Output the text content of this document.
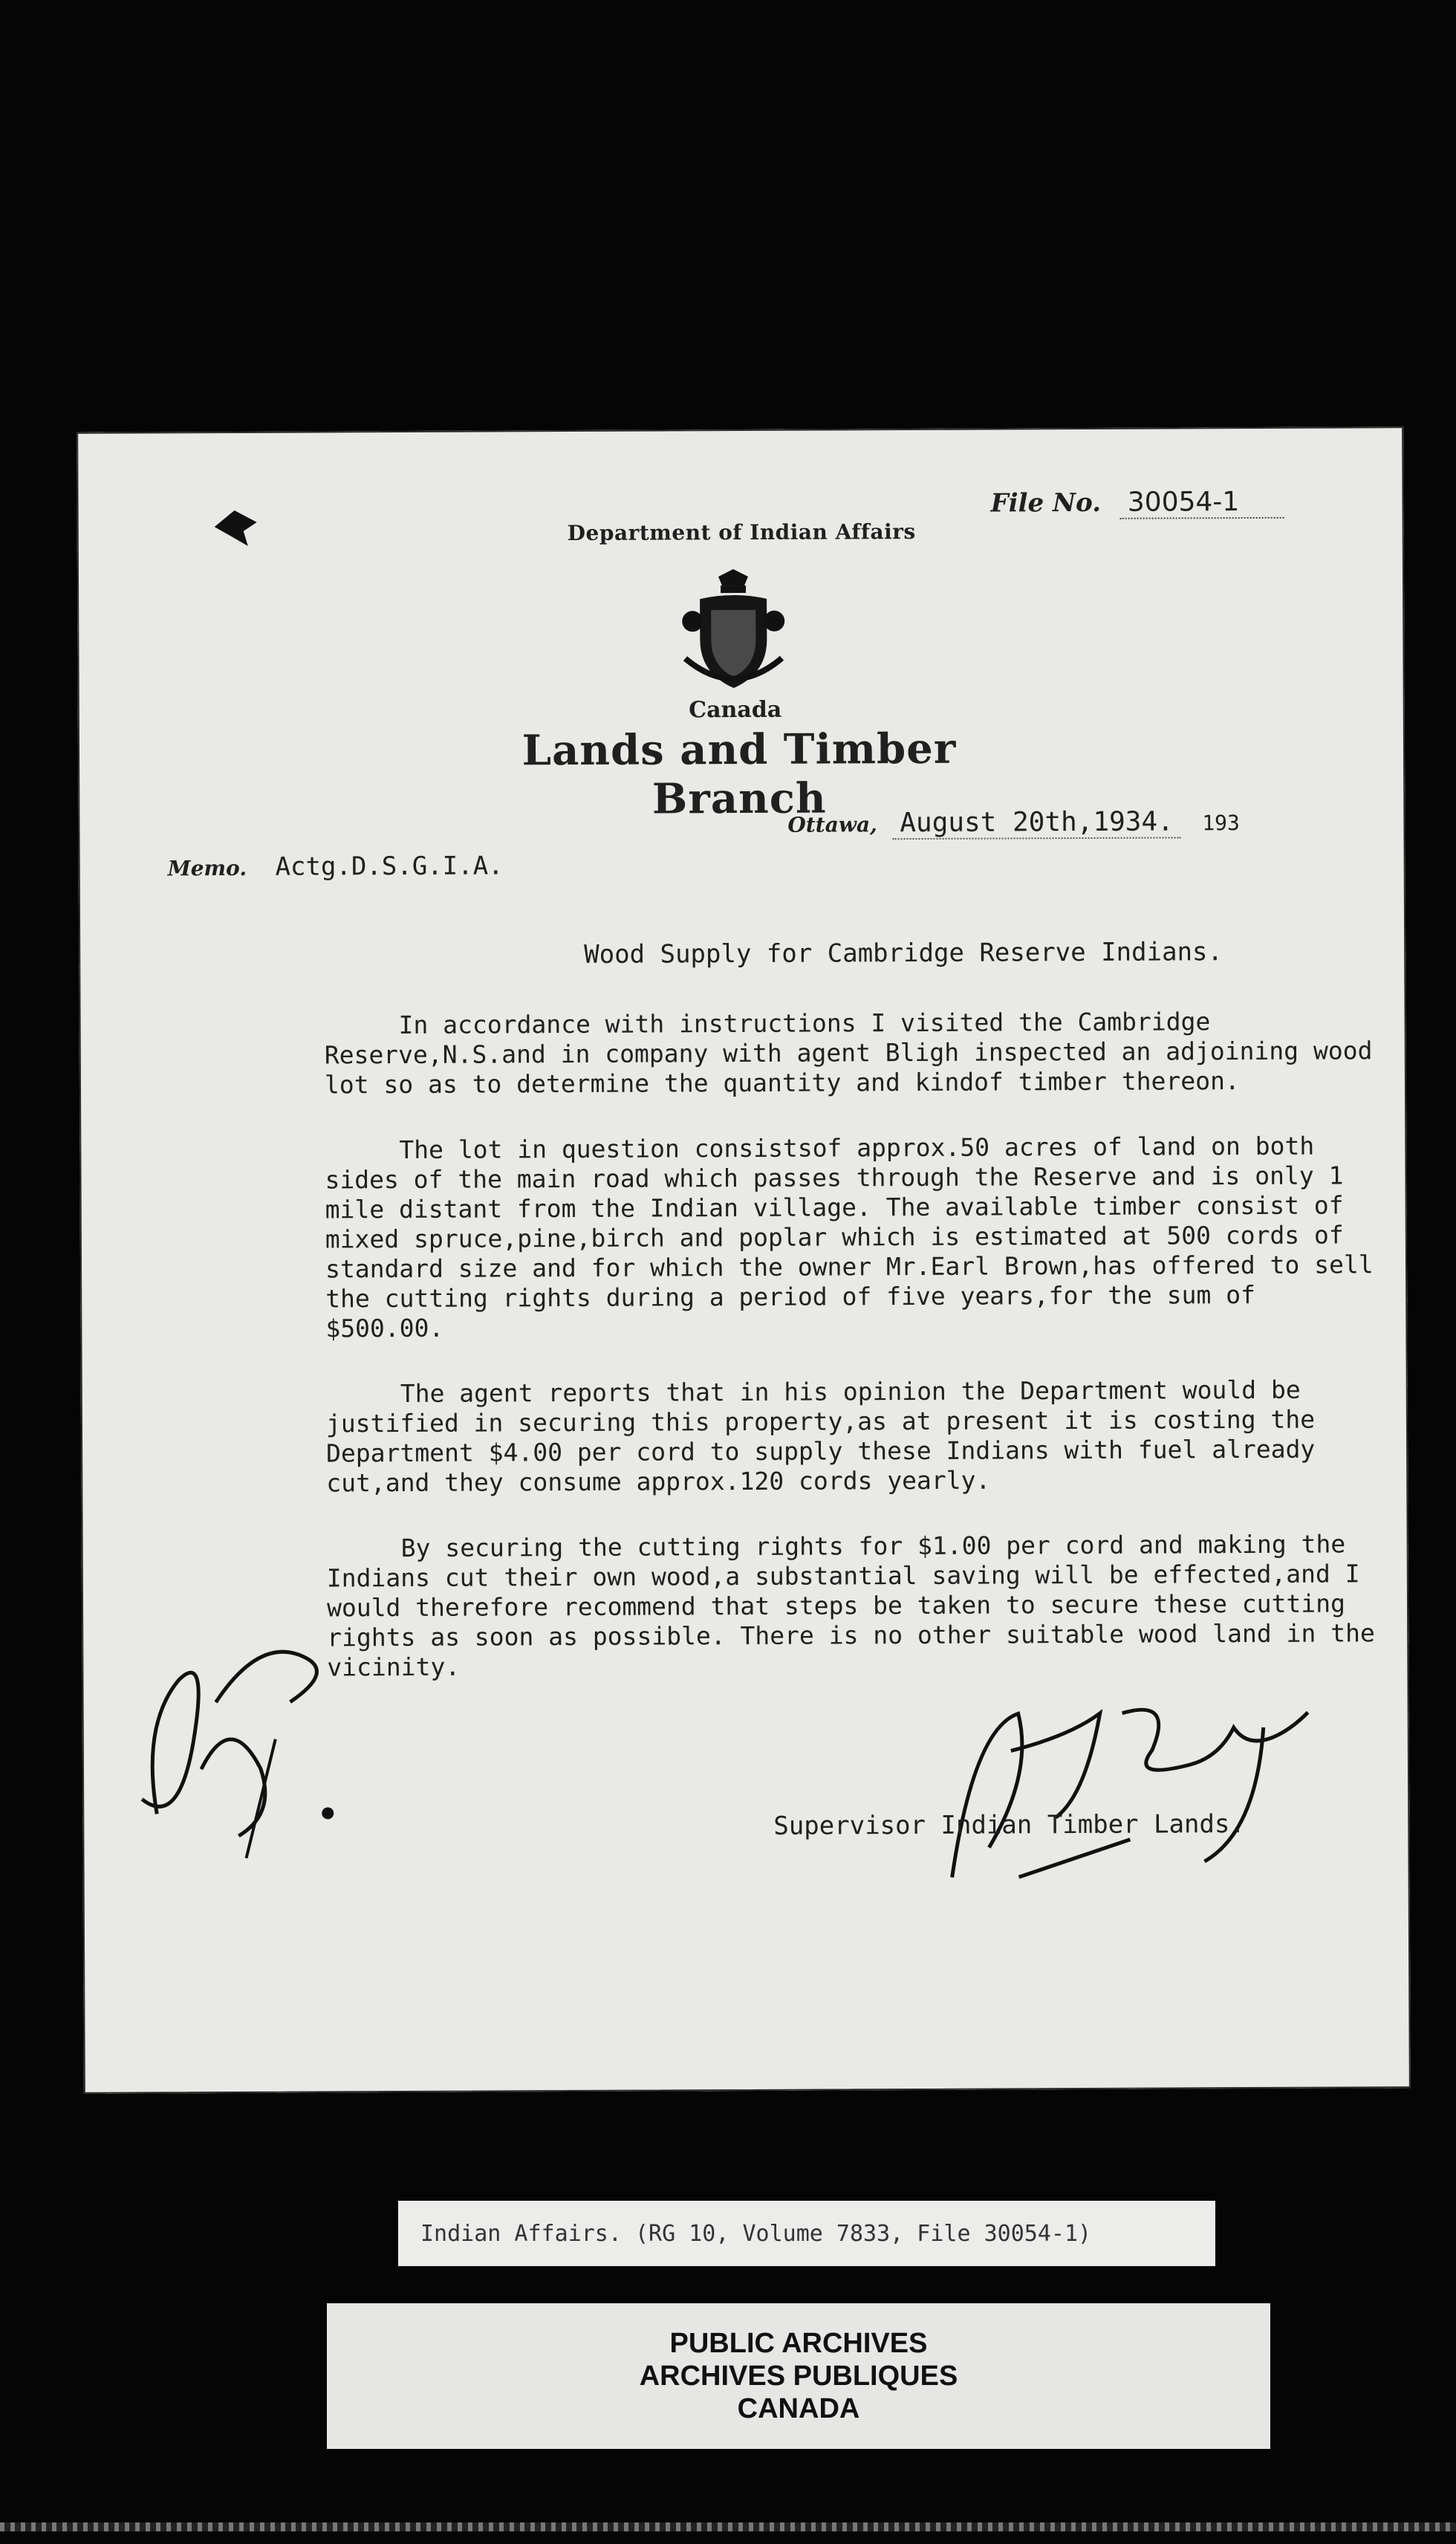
File No. 30054-1
Department of Indian Affairs
Canada
Lands and Timber Branch
Ottawa, August 20th,1934. 193
Memo. Actg.D.S.G.I.A.
Wood Supply for Cambridge Reserve Indians.

In accordance with instructions I visited the Cambridge Reserve,N.S.and in company with agent Bligh inspected an adjoining wood lot so as to determine the quantity and kindof timber thereon.

The lot in question consistsof approx.50 acres of land on both sides of the main road which passes through the Reserve and is only 1 mile distant from the Indian village. The available timber consist of mixed spruce,pine,birch and poplar which is estimated at 500 cords of standard size and for which the owner Mr.Earl Brown,has offered to sell the cutting rights during a period of five years,for the sum of $500.00.

The agent reports that in his opinion the Department would be justified in securing this property,as at present it is costing the Department $4.00 per cord to supply these Indians with fuel already cut,and they consume approx.120 cords yearly.

By securing the cutting rights for $1.00 per cord and making the Indians cut their own wood,a substantial saving will be effected,and I would therefore recommend that steps be taken to secure these cutting rights as soon as possible. There is no other suitable wood land in the vicinity.

Supervisor Indian Timber Lands.
Indian Affairs. (RG 10, Volume 7833, File 30054-1)
PUBLIC ARCHIVES
ARCHIVES PUBLIQUES
CANADA
